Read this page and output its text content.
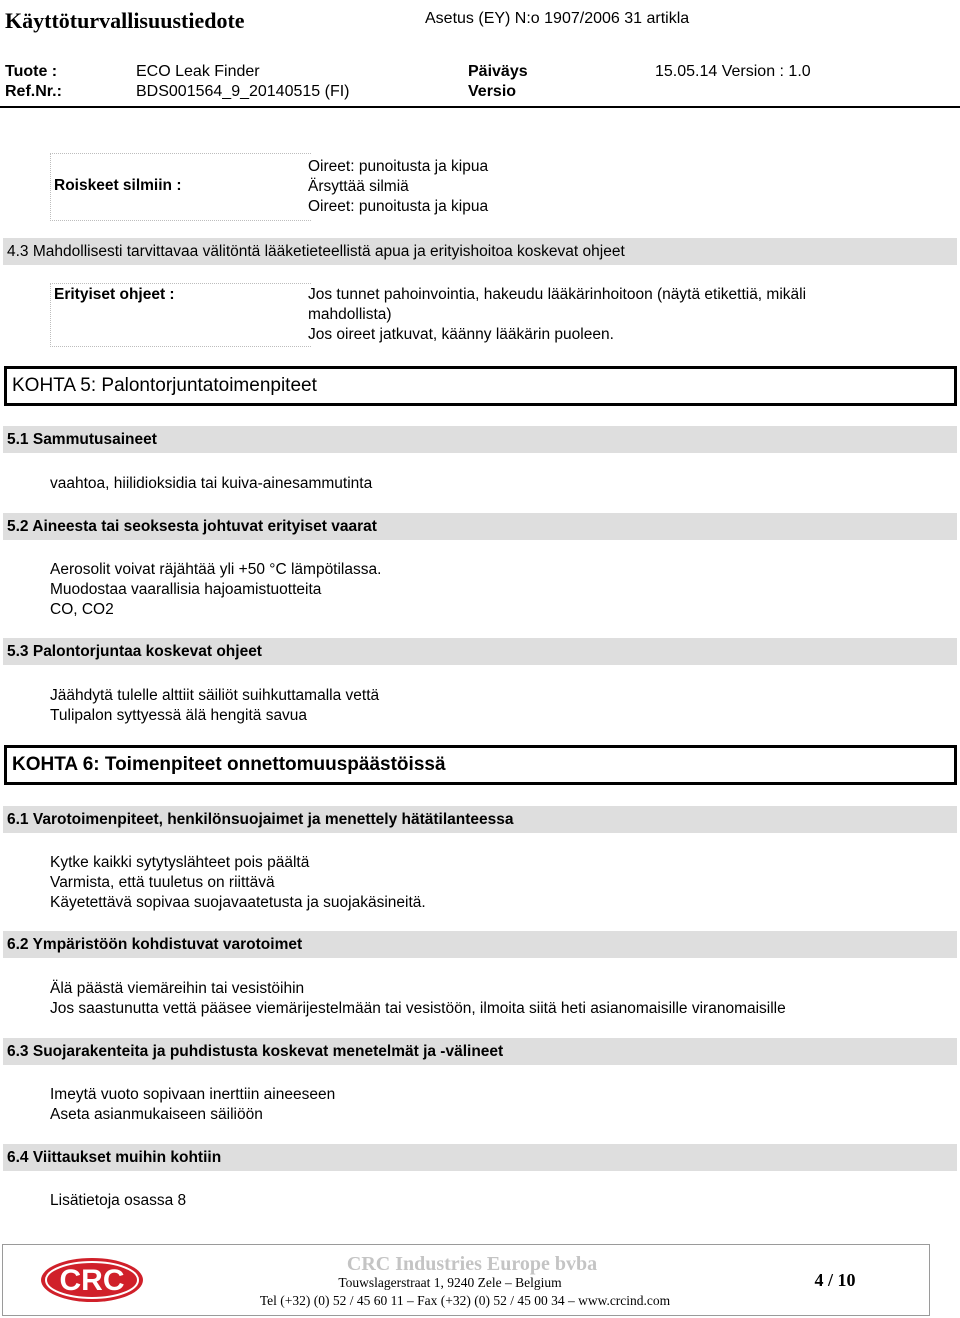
Käyttöturvallisuustiedote	Asetus (EY) N:o 1907/2006 31 artikla
Tuote :	ECO Leak Finder	Päiväys	15.05.14 Version : 1.0
Ref.Nr.:	BDS001564_9_20140515 (FI)	Versio
Roiskeet silmiin :
Oireet: punoitusta ja kipua
Ärsyttää silmiä
Oireet: punoitusta ja kipua
4.3 Mahdollisesti tarvittavaa välitöntä lääketieteellistä apua ja erityishoitoa koskevat ohjeet
Erityiset ohjeet :	Jos tunnet pahoinvointia, hakeudu lääkärinhoitoon (näytä etikettiä, mikäli
mahdollista)
Jos oireet jatkuvat, käänny lääkärin puoleen.
KOHTA 5: Palontorjuntatoimenpiteet
5.1 Sammutusaineet
vaahtoa, hiilidioksidia tai kuiva-ainesammutinta
5.2 Aineesta tai seoksesta johtuvat erityiset vaarat
Aerosolit voivat räjähtää yli +50 °C lämpötilassa.
Muodostaa vaarallisia hajoamistuotteita
CO, CO2
5.3 Palontorjuntaa koskevat ohjeet
Jäähdytä tulelle alttiit säiliöt suihkuttamalla vettä
Tulipalon syttyessä älä hengitä savua
KOHTA 6: Toimenpiteet onnettomuuspäästöissä
6.1 Varotoimenpiteet, henkilönsuojaimet ja menettely hätätilanteessa
Kytke kaikki sytytyslähteet pois päältä
Varmista, että tuuletus on riittävä
Käyetettävä sopivaa suojavaatetusta ja suojakäsineitä.
6.2 Ympäristöön kohdistuvat varotoimet
Älä päästä viemäreihin tai vesistöihin
Jos saastunutta vettä pääsee viemärijestelmään tai vesistöön, ilmoita siitä heti asianomaisille viranomaisille
6.3 Suojarakenteita ja puhdistusta koskevat menetelmät ja -välineet
Imeytä vuoto sopivaan inerttiin aineeseen
Aseta asianmukaiseen säiliöön
6.4 Viittaukset muihin kohtiin
Lisätietoja osassa 8
CRC	CRC Industries Europe bvba
Touwslagerstraat 1, 9240 Zele – Belgium
Tel (+32) (0) 52 / 45 60 11 – Fax (+32) (0) 52 / 45 00 34 – www.crcind.com
4 / 10
